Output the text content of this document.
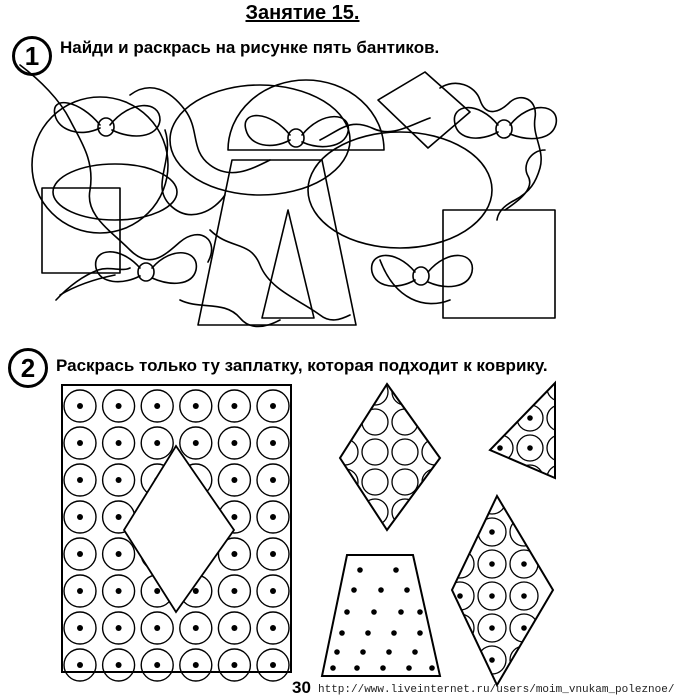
Занятие 15.
1	Найди и раскрась на рисунке пять бантиков.
2	Раскрась только ту заплатку, которая подходит к коврику.
30 http://www.liveinternet.ru/users/moim_vnukam_poleznoe/
